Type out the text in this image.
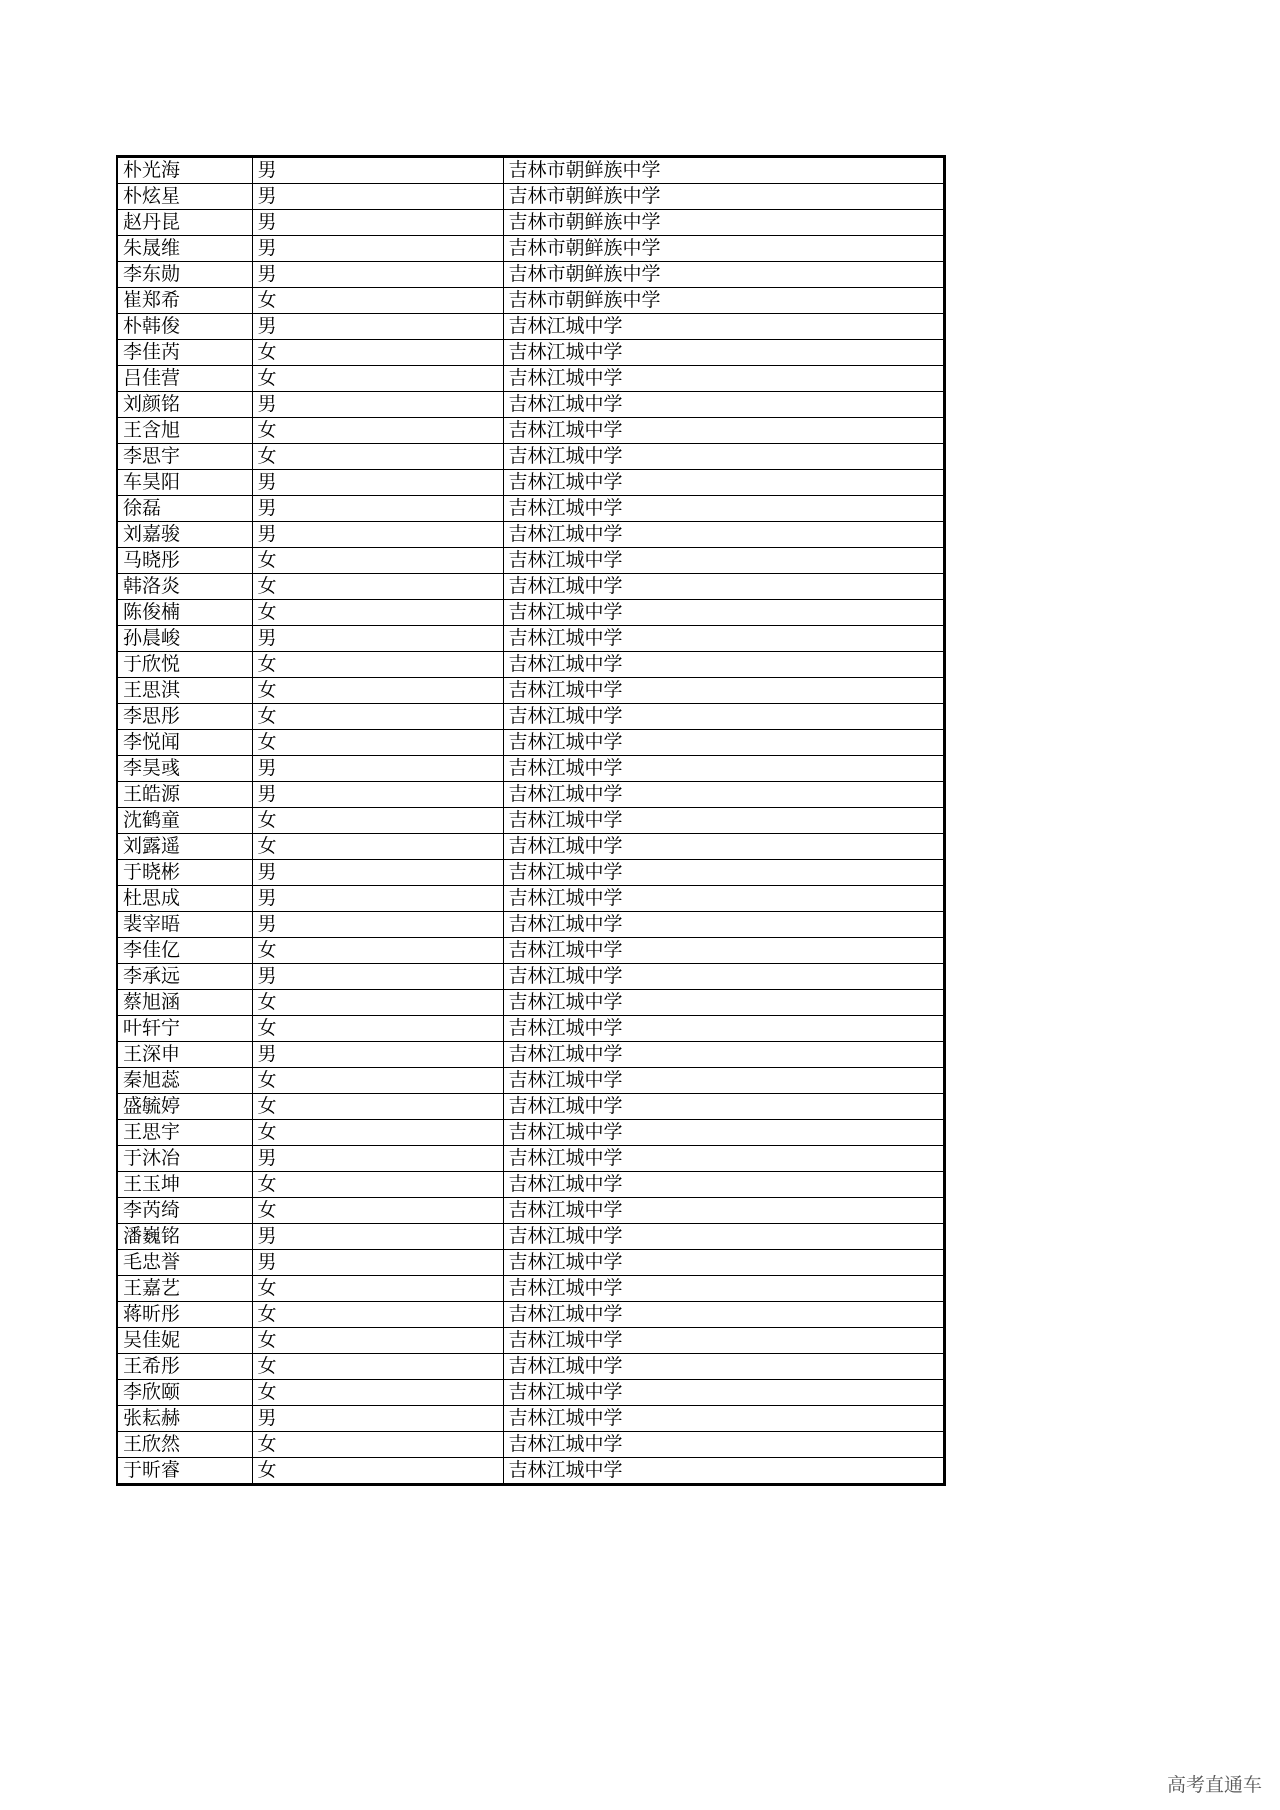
朴光海	男	吉林市朝鲜族中学
朴炫星	男	吉林市朝鲜族中学
赵丹昆	男	吉林市朝鲜族中学
朱晟维	男	吉林市朝鲜族中学
李东勋	男	吉林市朝鲜族中学
崔郑希	女	吉林市朝鲜族中学
朴韩俊	男	吉林江城中学
李佳芮	女	吉林江城中学
吕佳营	女	吉林江城中学
刘颜铭	男	吉林江城中学
王含旭	女	吉林江城中学
李思宇	女	吉林江城中学
车昊阳	男	吉林江城中学
徐磊	男	吉林江城中学
刘嘉骏	男	吉林江城中学
马晓彤	女	吉林江城中学
韩洛炎	女	吉林江城中学
陈俊楠	女	吉林江城中学
孙晨峻	男	吉林江城中学
于欣悦	女	吉林江城中学
王思淇	女	吉林江城中学
李思彤	女	吉林江城中学
李悦闻	女	吉林江城中学
李昊彧	男	吉林江城中学
王皓源	男	吉林江城中学
沈鹤童	女	吉林江城中学
刘露遥	女	吉林江城中学
于晓彬	男	吉林江城中学
杜思成	男	吉林江城中学
裴宰晤	男	吉林江城中学
李佳亿	女	吉林江城中学
李承远	男	吉林江城中学
蔡旭涵	女	吉林江城中学
叶轩宁	女	吉林江城中学
王深申	男	吉林江城中学
秦旭蕊	女	吉林江城中学
盛毓婷	女	吉林江城中学
王思宇	女	吉林江城中学
于沐冶	男	吉林江城中学
王玉坤	女	吉林江城中学
李芮绮	女	吉林江城中学
潘巍铭	男	吉林江城中学
毛忠誉	男	吉林江城中学
王嘉艺	女	吉林江城中学
蒋昕彤	女	吉林江城中学
吴佳妮	女	吉林江城中学
王希彤	女	吉林江城中学
李欣颐	女	吉林江城中学
张耘赫	男	吉林江城中学
王欣然	女	吉林江城中学
于昕睿	女	吉林江城中学
高考直通车
